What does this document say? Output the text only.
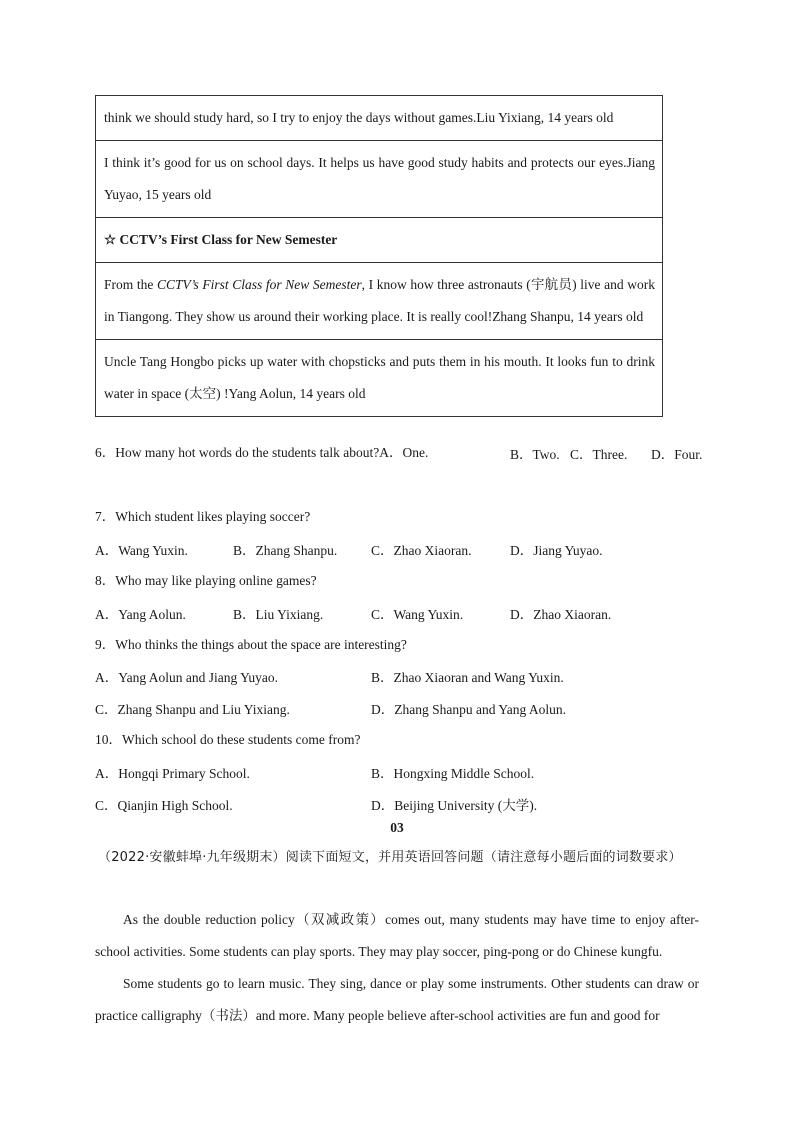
think we should study hard, so I try to enjoy the days without games.Liu Yixiang, 14 years old
I think it’s good for us on school days. It helps us have good study habits and protects our eyes.Jiang Yuyao, 15 years old
☆ CCTV’s First Class for New Semester
From the CCTV’s First Class for New Semester, I know how three astronauts (宇航员) live and work in Tiangong. They show us around their working place. It is really cool!Zhang Shanpu, 14 years old
Uncle Tang Hongbo picks up water with chopsticks and puts them in his mouth. It looks fun to drink water in space (太空) !Yang Aolun, 14 years old
6．How many hot words do the students talk about?A．One.	B．Two. C．Three. D．Four.
7．Which student likes playing soccer?
A．Wang Yuxin.	B．Zhang Shanpu.	C．Zhao Xiaoran.	D．Jiang Yuyao.
8．Who may like playing online games?
A．Yang Aolun.	B．Liu Yixiang.	C．Wang Yuxin.	D．Zhao Xiaoran.
9．Who thinks the things about the space are interesting?
A．Yang Aolun and Jiang Yuyao.	B．Zhao Xiaoran and Wang Yuxin.
C．Zhang Shanpu and Liu Yixiang.	D．Zhang Shanpu and Yang Aolun.
10．Which school do these students come from?
A．Hongqi Primary School.	B．Hongxing Middle School.
C．Qianjin High School.	D．Beijing University (大学).
03
（2022·安徽蚌埠·九年级期末）阅读下面短文，并用英语回答问题（请注意每小题后面的词数要求）
As the double reduction policy（双减政策）comes out, many students may have time to enjoy after-school activities. Some students can play sports. They may play soccer, ping-pong or do Chinese kungfu.
Some students go to learn music. They sing, dance or play some instruments. Other students can draw or practice calligraphy（书法）and more. Many people believe after-school activities are fun and good for
